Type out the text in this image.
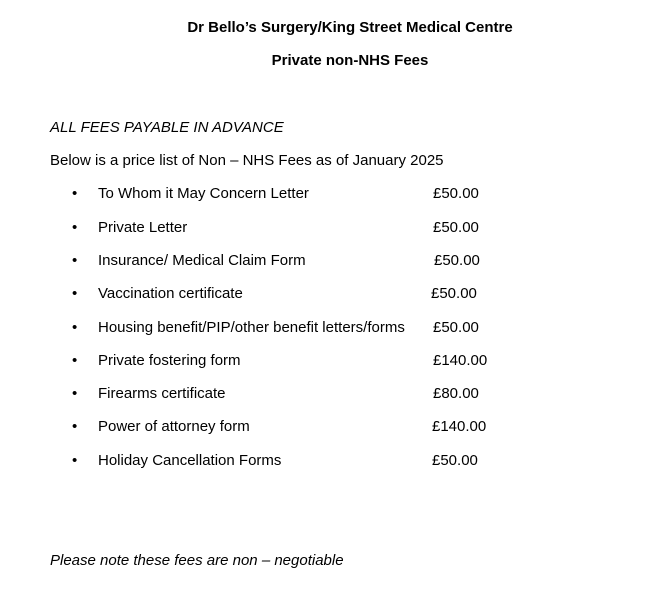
Dr Bello’s Surgery/King Street Medical Centre
Private non-NHS Fees
ALL FEES PAYABLE IN ADVANCE
Below is a price list of Non – NHS Fees as of January 2025
• To Whom it May Concern Letter	£50.00
• Private Letter	£50.00
• Insurance/ Medical Claim Form	£50.00
• Vaccination certificate	£50.00
• Housing benefit/PIP/other benefit letters/forms £50.00
• Private fostering form	£140.00
• Firearms certificate	£80.00
• Power of attorney form	£140.00
• Holiday Cancellation Forms	£50.00
Please note these fees are non – negotiable
